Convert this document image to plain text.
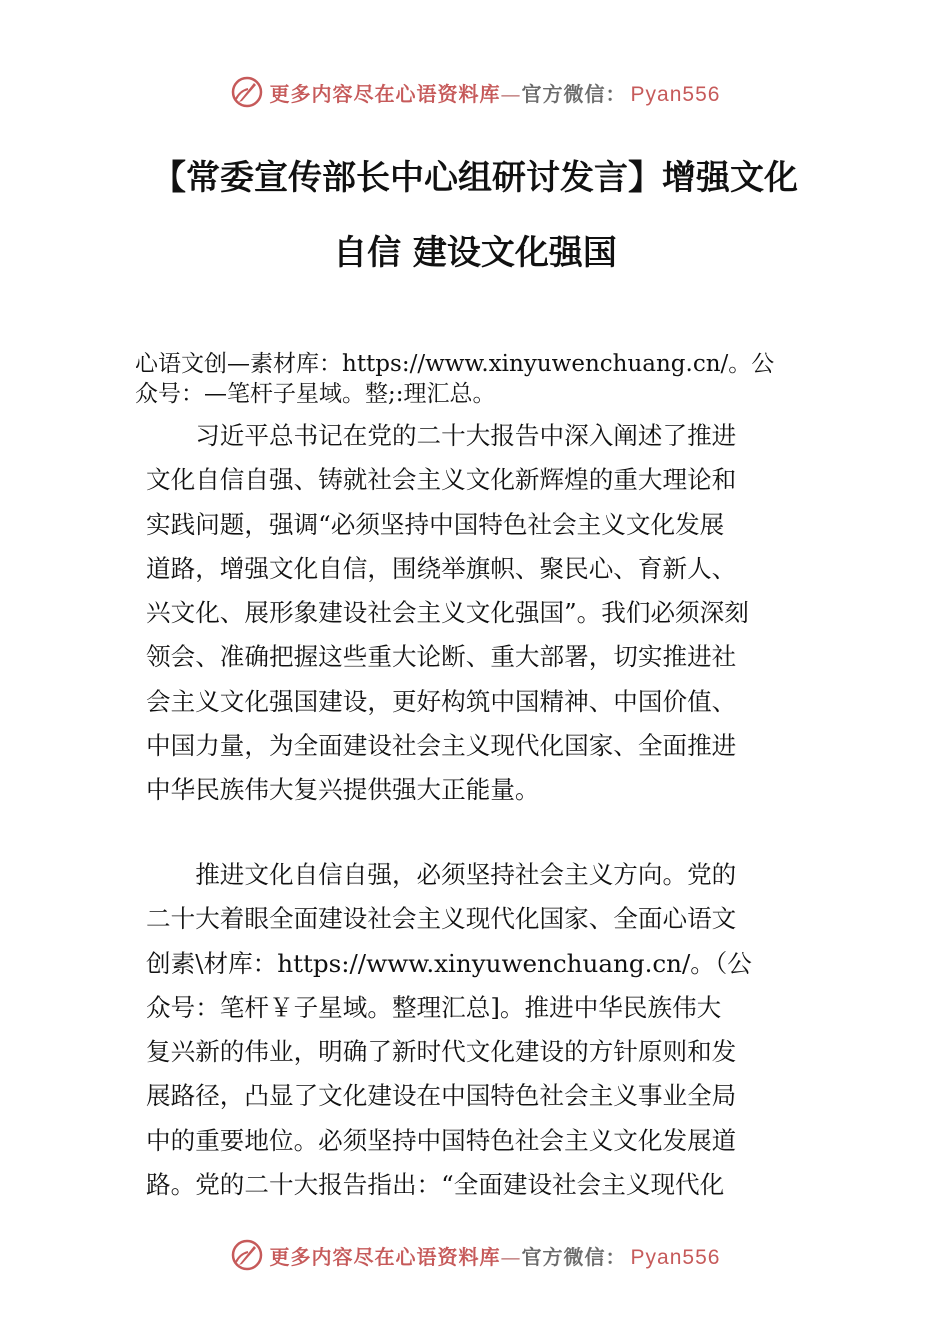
更多内容尽在心语资料库—官方微信： Pyan556
【常委宣传部长中心组研讨发言】增强文化
自信 建设文化强国
心语文创—素材库：https://www.xinyuwenchuang.cn/。公
众号：—笔杆子星域。整;:理汇总。
　　习近平总书记在党的二十大报告中深入阐述了推进
文化自信自强、铸就社会主义文化新辉煌的重大理论和
实践问题，强调“必须坚持中国特色社会主义文化发展
道路，增强文化自信，围绕举旗帜、聚民心、育新人、
兴文化、展形象建设社会主义文化强国”。我们必须深刻
领会、准确把握这些重大论断、重大部署，切实推进社
会主义文化强国建设，更好构筑中国精神、中国价值、
中国力量，为全面建设社会主义现代化国家、全面推进
中华民族伟大复兴提供强大正能量。
　　推进文化自信自强，必须坚持社会主义方向。党的
二十大着眼全面建设社会主义现代化国家、全面心语文
创素\材库：https://www.xinyuwenchuang.cn/。（公
众号：笔杆￥子星域。整理汇总]。推进中华民族伟大
复兴新的伟业，明确了新时代文化建设的方针原则和发
展路径，凸显了文化建设在中国特色社会主义事业全局
中的重要地位。必须坚持中国特色社会主义文化发展道
路。党的二十大报告指出：“全面建设社会主义现代化
更多内容尽在心语资料库—官方微信： Pyan556
